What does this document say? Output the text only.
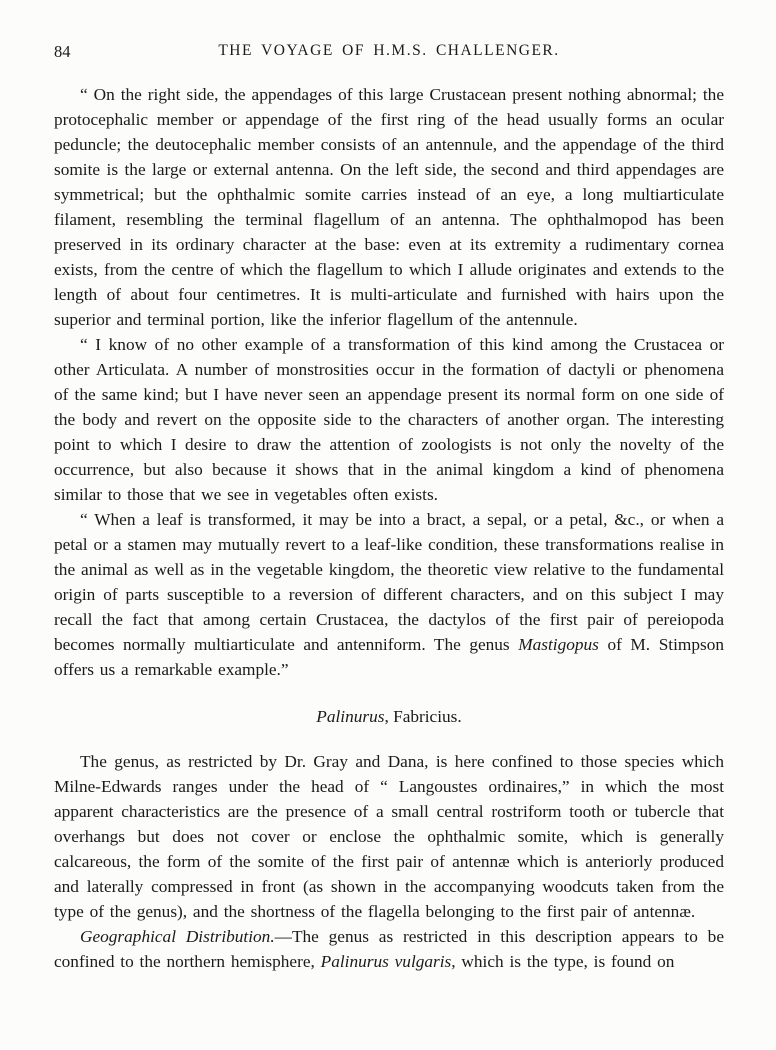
84	THE VOYAGE OF H.M.S. CHALLENGER.

“ On the right side, the appendages of this large Crustacean present nothing abnormal; the protocephalic member or appendage of the first ring of the head usually forms an ocular peduncle; the deutocephalic member consists of an antennule, and the appendage of the third somite is the large or external antenna. On the left side, the second and third appendages are symmetrical; but the ophthalmic somite carries instead of an eye, a long multiarticulate filament, resembling the terminal flagellum of an antenna. The ophthalmopod has been preserved in its ordinary character at the base: even at its extremity a rudimentary cornea exists, from the centre of which the flagellum to which I allude originates and extends to the length of about four centimetres. It is multi-articulate and furnished with hairs upon the superior and terminal portion, like the inferior flagellum of the antennule.

“ I know of no other example of a transformation of this kind among the Crustacea or other Articulata. A number of monstrosities occur in the formation of dactyli or phenomena of the same kind; but I have never seen an appendage present its normal form on one side of the body and revert on the opposite side to the characters of another organ. The interesting point to which I desire to draw the attention of zoologists is not only the novelty of the occurrence, but also because it shows that in the animal kingdom a kind of phenomena similar to those that we see in vegetables often exists.

“ When a leaf is transformed, it may be into a bract, a sepal, or a petal, &c., or when a petal or a stamen may mutually revert to a leaf-like condition, these transformations realise in the animal as well as in the vegetable kingdom, the theoretic view relative to the fundamental origin of parts susceptible to a reversion of different characters, and on this subject I may recall the fact that among certain Crustacea, the dactylos of the first pair of pereiopoda becomes normally multiarticulate and antenniform. The genus Mastigopus of M. Stimpson offers us a remarkable example.”

Palinurus, Fabricius.

The genus, as restricted by Dr. Gray and Dana, is here confined to those species which Milne-Edwards ranges under the head of “ Langoustes ordinaires,” in which the most apparent characteristics are the presence of a small central rostriform tooth or tubercle that overhangs but does not cover or enclose the ophthalmic somite, which is generally calcareous, the form of the somite of the first pair of antennæ which is anteriorly produced and laterally compressed in front (as shown in the accompanying woodcuts taken from the type of the genus), and the shortness of the flagella belonging to the first pair of antennæ.

Geographical Distribution.—The genus as restricted in this description appears to be confined to the northern hemisphere, Palinurus vulgaris, which is the type, is found on
